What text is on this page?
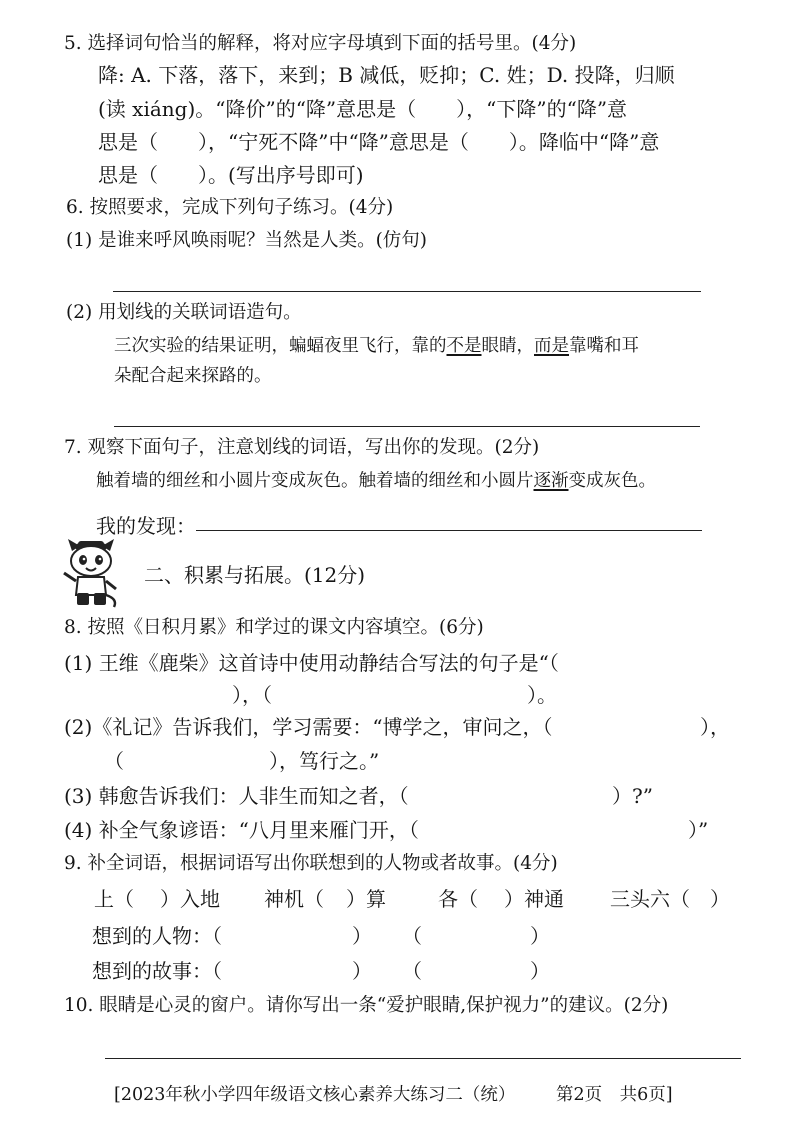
5. 选择词句恰当的解释，将对应字母填到下面的括号里。(4分)
降: A. 下落，落下，来到；B 减低，贬抑；C. 姓；D. 投降，归顺
(读 xiáng)。“降价”的“降”意思是（　　），“下降”的“降”意
思是（　　），“宁死不降”中“降”意思是（　　）。降临中“降”意
思是（　　）。(写出序号即可)
6. 按照要求，完成下列句子练习。(4分)
(1) 是谁来呼风唤雨呢？当然是人类。(仿句)
(2) 用划线的关联词语造句。
三次实验的结果证明，蝙蝠夜里飞行，靠的不是眼睛，而是靠嘴和耳
朵配合起来探路的。
7. 观察下面句子，注意划线的词语，写出你的发现。(2分)
触着墙的细丝和小圆片变成灰色。触着墙的细丝和小圆片逐渐变成灰色。
我的发现：
二、积累与拓展。(12分)
8. 按照《日积月累》和学过的课文内容填空。(6分)
(1) 王维《鹿柴》这首诗中使用动静结合写法的句子是“（
），（	）。
(2)《礼记》告诉我们，学习需要：“博学之，审问之，（	），
（	），笃行之。”
(3) 韩愈告诉我们：人非生而知之者，（	）?”
(4) 补全气象谚语：“八月里来雁门开，（	）”
9. 补全词语，根据词语写出你联想到的人物或者故事。(4分)
上（ ）入地 神机（ ）算	各（ ）神通 三头六（ ）
想到的人物：（	） （	）
想到的故事：（	） （	）
10. 眼睛是心灵的窗户。请你写出一条“爱护眼睛,保护视力”的建议。(2分)
[2023年秋小学四年级语文核心素养大练习二（统） 第2页　共6页]
